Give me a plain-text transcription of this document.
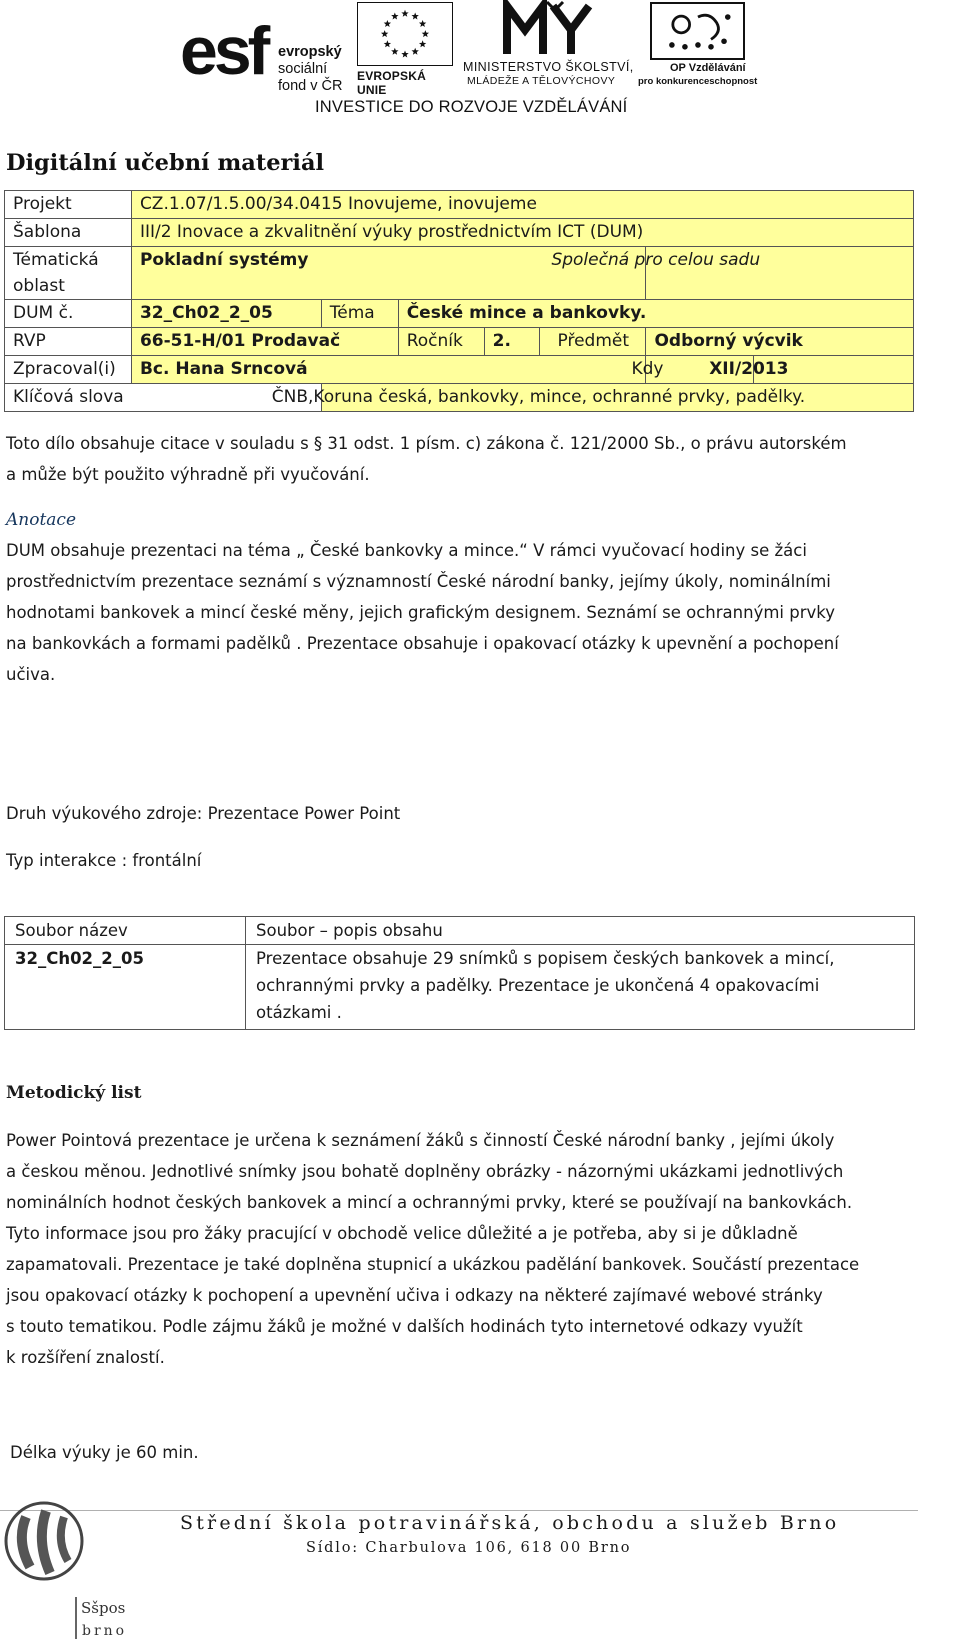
esf evropský
sociální
fond v ČR
EVROPSKÁ UNIE
MINISTERSTVO ŠKOLSTVÍ,
MLÁDEŽE A TĚLOVÝCHOVY
OP Vzdělávání
pro konkurenceschopnost
INVESTICE DO ROZVOJE VZDĚLÁVÁNÍ
Digitální učební materiál
Projekt	CZ.1.07/1.5.00/34.0415 Inovujeme, inovujeme						
Šablona	III/2 Inovace a zkvalitnění výuky prostřednictvím ICT (DUM)						

Tématická
oblast	Pokladní systémy					Společná pro celou sadu	
DUM č.	32_Ch02_2_05	Téma	České mince a bankovky.				
RVP	66-51-H/01 Prodavač		Ročník	2.	Předmět	Odborný výcvik	
Zpracoval(i)	Bc. Hana Srncová					Kdy	XII/2013
Klíčová slova		ČNB,Koruna česká, bankovky, mince, ochranné prvky, padělky.					
Toto dílo obsahuje citace v souladu s § 31 odst. 1 písm. c) zákona č. 121/2000 Sb., o právu autorském
a může být použito výhradně při vyučování.
Anotace
DUM obsahuje prezentaci na téma „ České bankovky a mince.“ V rámci vyučovací hodiny se žáci
prostřednictvím prezentace seznámí s významností České národní banky, jejímy úkoly, nominálními
hodnotami bankovek a mincí české měny, jejich grafickým designem. Seznámí se ochrannými prvky
na bankovkách a formami padělků . Prezentace obsahuje i opakovací otázky k upevnění a pochopení
učiva.
Druh výukového zdroje: Prezentace Power Point
Typ interakce : frontální
Soubor název	Soubor – popis obsahu
32_Ch02_2_05	Prezentace obsahuje 29 snímků s popisem českých bankovek a mincí,
ochrannými prvky a padělky. Prezentace je ukončená 4 opakovacími
otázkami .
Metodický list
Power Pointová prezentace je určena k seznámení žáků s činností České národní banky , jejími úkoly
a českou měnou. Jednotlivé snímky jsou bohatě doplněny obrázky - názornými ukázkami jednotlivých
nominálních hodnot českých bankovek a mincí a ochrannými prvky, které se používají na bankovkách.
Tyto informace jsou pro žáky pracující v obchodě velice důležité a je potřeba, aby si je důkladně
zapamatovali. Prezentace je také doplněna stupnicí a ukázkou padělání bankovek. Součástí prezentace
jsou opakovací otázky k pochopení a upevnění učiva i odkazy na některé zajímavé webové stránky
s touto tematikou. Podle zájmu žáků je možné v dalších hodinách tyto internetové odkazy využít
k rozšíření znalostí.
Délka výuky je 60 min.
Sšpos
brno
Střední škola potravinářská, obchodu a služeb Brno
Sídlo: Charbulova 106, 618 00 Brno
